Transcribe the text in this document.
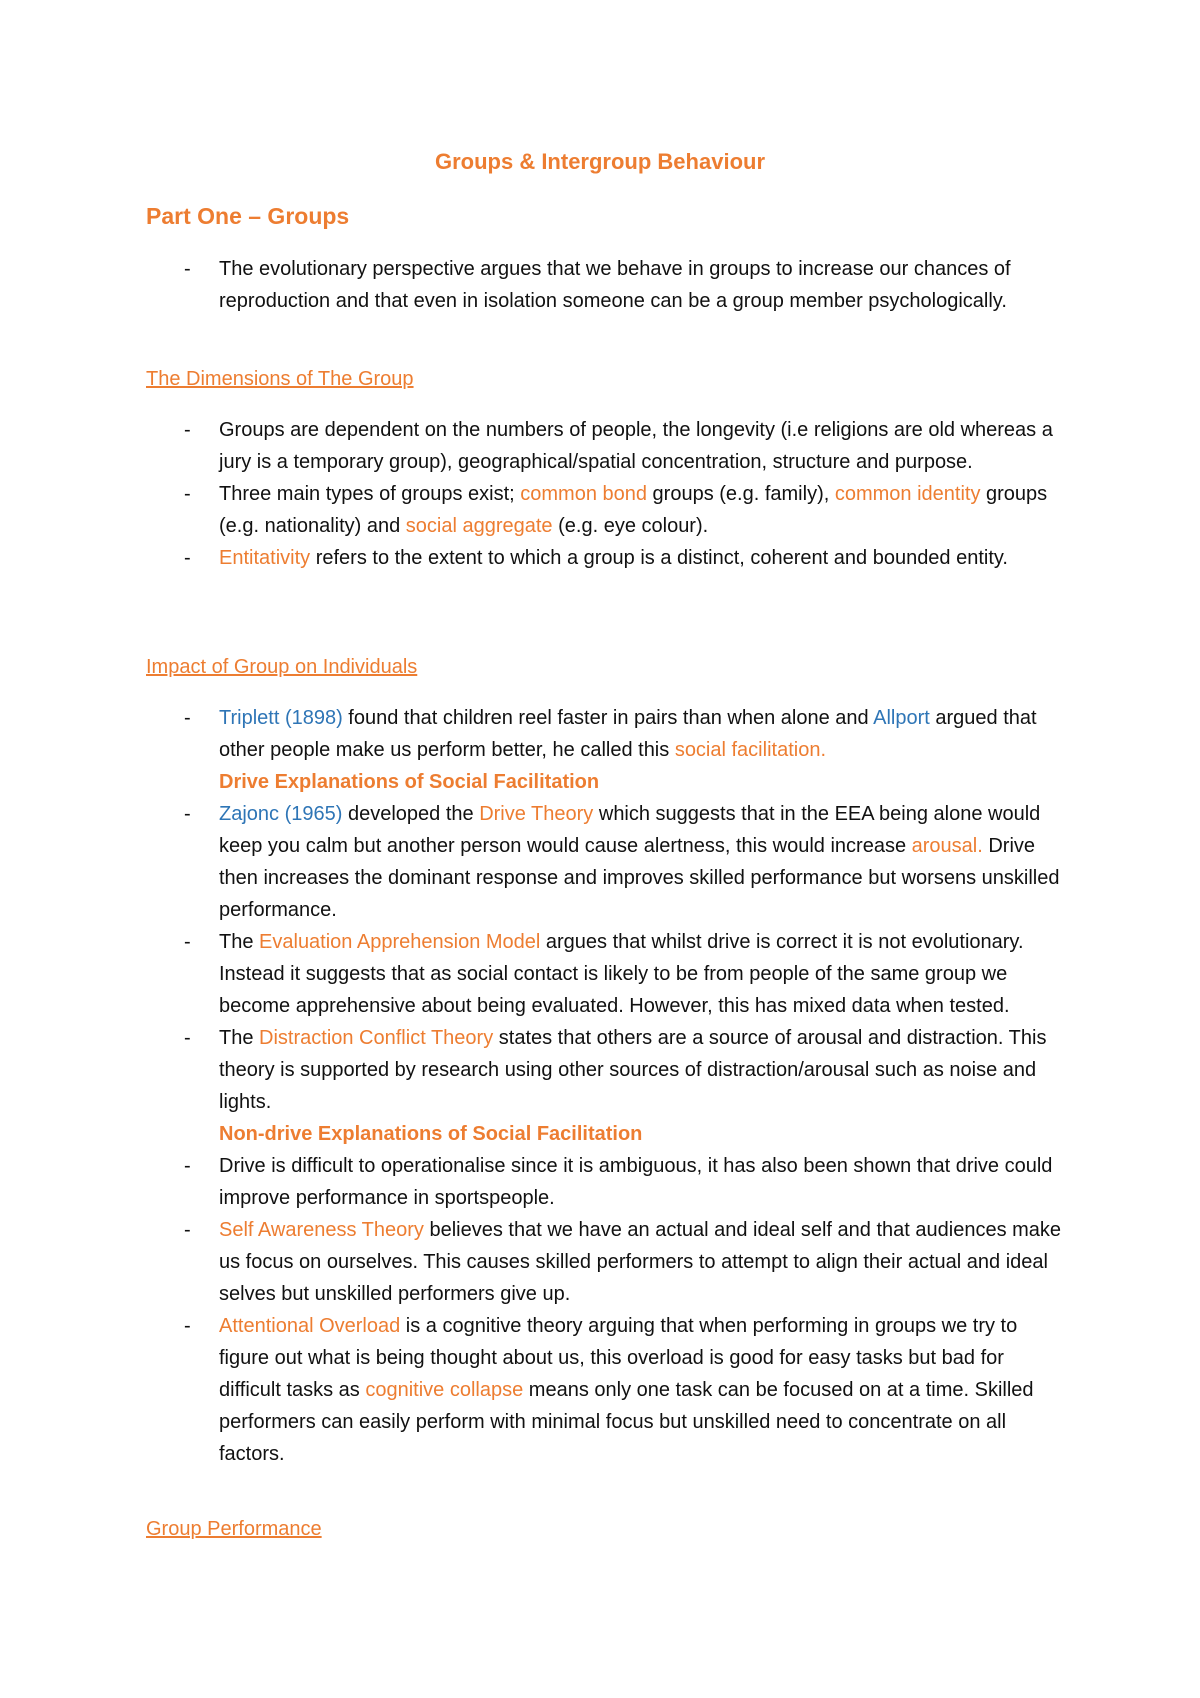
Groups & Intergroup Behaviour
Part One – Groups
- The evolutionary perspective argues that we behave in groups to increase our chances of reproduction and that even in isolation someone can be a group member psychologically.
The Dimensions of The Group
- Groups are dependent on the numbers of people, the longevity (i.e religions are old whereas a jury is a temporary group), geographical/spatial concentration, structure and purpose.
- Three main types of groups exist; common bond groups (e.g. family), common identity groups (e.g. nationality) and social aggregate (e.g. eye colour).
- Entitativity refers to the extent to which a group is a distinct, coherent and bounded entity.
Impact of Group on Individuals
- Triplett (1898) found that children reel faster in pairs than when alone and Allport argued that other people make us perform better, he called this social facilitation.
Drive Explanations of Social Facilitation
- Zajonc (1965) developed the Drive Theory which suggests that in the EEA being alone would keep you calm but another person would cause alertness, this would increase arousal. Drive then increases the dominant response and improves skilled performance but worsens unskilled performance.
- The Evaluation Apprehension Model argues that whilst drive is correct it is not evolutionary. Instead it suggests that as social contact is likely to be from people of the same group we become apprehensive about being evaluated. However, this has mixed data when tested.
- The Distraction Conflict Theory states that others are a source of arousal and distraction. This theory is supported by research using other sources of distraction/arousal such as noise and lights.
Non-drive Explanations of Social Facilitation
- Drive is difficult to operationalise since it is ambiguous, it has also been shown that drive could improve performance in sportspeople.
- Self Awareness Theory believes that we have an actual and ideal self and that audiences make us focus on ourselves. This causes skilled performers to attempt to align their actual and ideal selves but unskilled performers give up.
- Attentional Overload is a cognitive theory arguing that when performing in groups we try to figure out what is being thought about us, this overload is good for easy tasks but bad for difficult tasks as cognitive collapse means only one task can be focused on at a time. Skilled performers can easily perform with minimal focus but unskilled need to concentrate on all factors.
Group Performance
